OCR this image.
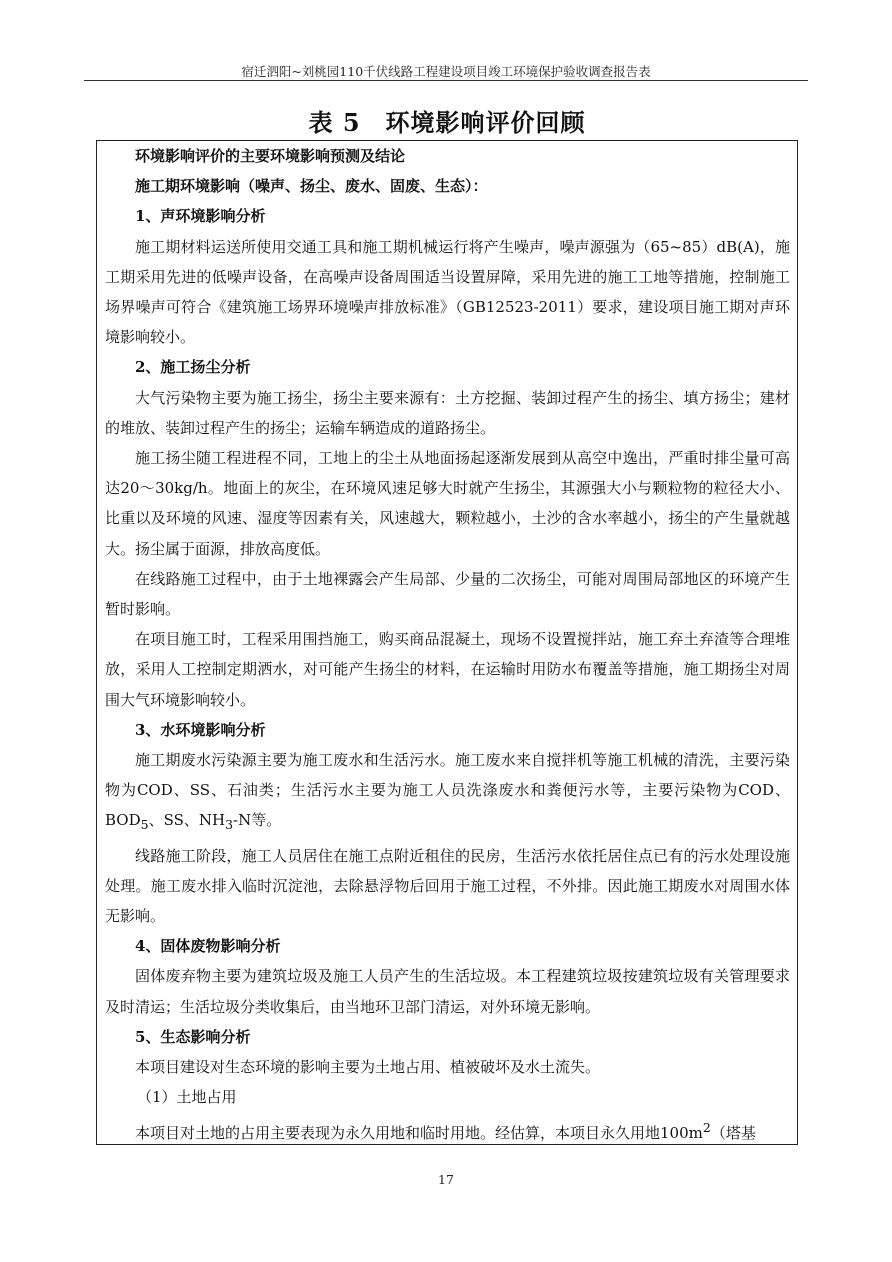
宿迁泗阳~刘桃园110千伏线路工程建设项目竣工环境保护验收调查报告表
表 5　环境影响评价回顾

环境影响评价的主要环境影响预测及结论

施工期环境影响（噪声、扬尘、废水、固废、生态）：

1、声环境影响分析

施工期材料运送所使用交通工具和施工期机械运行将产生噪声，噪声源强为（65~85）dB(A)，施工期采用先进的低噪声设备，在高噪声设备周围适当设置屏障，采用先进的施工工地等措施，控制施工场界噪声可符合《建筑施工场界环境噪声排放标准》（GB12523-2011）要求，建设项目施工期对声环境影响较小。

2、施工扬尘分析

大气污染物主要为施工扬尘，扬尘主要来源有：土方挖掘、装卸过程产生的扬尘、填方扬尘；建材的堆放、装卸过程产生的扬尘；运输车辆造成的道路扬尘。

施工扬尘随工程进程不同，工地上的尘土从地面扬起逐渐发展到从高空中逸出，严重时排尘量可高达20～30kg/h。地面上的灰尘，在环境风速足够大时就产生扬尘，其源强大小与颗粒物的粒径大小、比重以及环境的风速、湿度等因素有关，风速越大，颗粒越小，土沙的含水率越小，扬尘的产生量就越大。扬尘属于面源，排放高度低。

在线路施工过程中，由于土地裸露会产生局部、少量的二次扬尘，可能对周围局部地区的环境产生暂时影响。

在项目施工时，工程采用围挡施工，购买商品混凝土，现场不设置搅拌站，施工弃土弃渣等合理堆放，采用人工控制定期洒水，对可能产生扬尘的材料，在运输时用防水布覆盖等措施，施工期扬尘对周围大气环境影响较小。

3、水环境影响分析

施工期废水污染源主要为施工废水和生活污水。施工废水来自搅拌机等施工机械的清洗，主要污染物为COD、SS、石油类；生活污水主要为施工人员洗涤废水和粪便污水等，主要污染物为COD、$BOD_5$、SS、$NH_3-N$等。

线路施工阶段，施工人员居住在施工点附近租住的民房，生活污水依托居住点已有的污水处理设施处理。施工废水排入临时沉淀池，去除悬浮物后回用于施工过程，不外排。因此施工期废水对周围水体无影响。

4、固体废物影响分析

固体废弃物主要为建筑垃圾及施工人员产生的生活垃圾。本工程建筑垃圾按建筑垃圾有关管理要求及时清运；生活垃圾分类收集后，由当地环卫部门清运，对外环境无影响。

5、生态影响分析

本项目建设对生态环境的影响主要为土地占用、植被破坏及水土流失。

（1）土地占用

本项目对土地的占用主要表现为永久用地和临时用地。经估算，本项目永久用地$100m^2$（塔基

17
